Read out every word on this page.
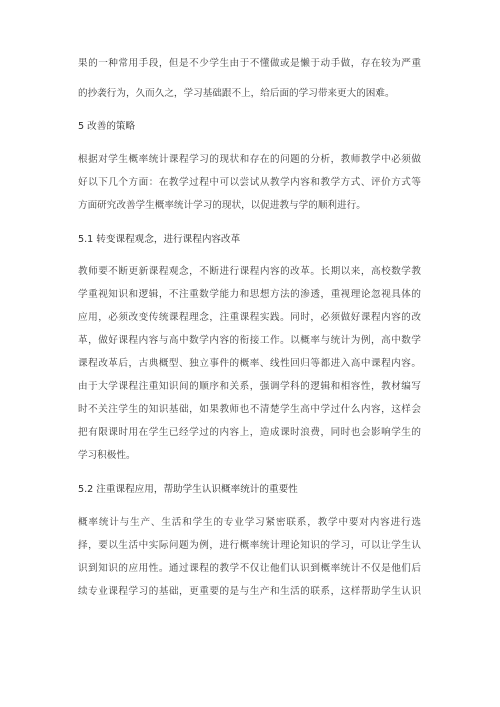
果的一种常用手段，但是不少学生由于不懂做或是懒于动手做，存在较为严重
的抄袭行为，久而久之，学习基础跟不上，给后面的学习带来更大的困难。
5 改善的策略
根据对学生概率统计课程学习的现状和存在的问题的分析，教师教学中必须做
好以下几个方面：在教学过程中可以尝试从教学内容和教学方式、评价方式等
方面研究改善学生概率统计学习的现状，以促进教与学的顺利进行。
5.1 转变课程观念，进行课程内容改革
教师要不断更新课程观念，不断进行课程内容的改革。长期以来，高校数学教
学重视知识和逻辑，不注重数学能力和思想方法的渗透，重视理论忽视具体的
应用，必须改变传统课程理念，注重课程实践。同时，必须做好课程内容的改
革，做好课程内容与高中数学内容的衔接工作。以概率与统计为例，高中数学
课程改革后，古典概型、独立事件的概率、线性回归等都进入高中课程内容。
由于大学课程注重知识间的顺序和关系，强调学科的逻辑和相容性，教材编写
时不关注学生的知识基础，如果教师也不清楚学生高中学过什么内容，这样会
把有限课时用在学生已经学过的内容上，造成课时浪费，同时也会影响学生的
学习积极性。
5.2 注重课程应用，帮助学生认识概率统计的重要性
概率统计与生产、生活和学生的专业学习紧密联系，教学中要对内容进行选
择，要以生活中实际问题为例，进行概率统计理论知识的学习，可以让学生认
识到知识的应用性。通过课程的教学不仅让他们认识到概率统计不仅是他们后
续专业课程学习的基础，更重要的是与生产和生活的联系，这样帮助学生认识
